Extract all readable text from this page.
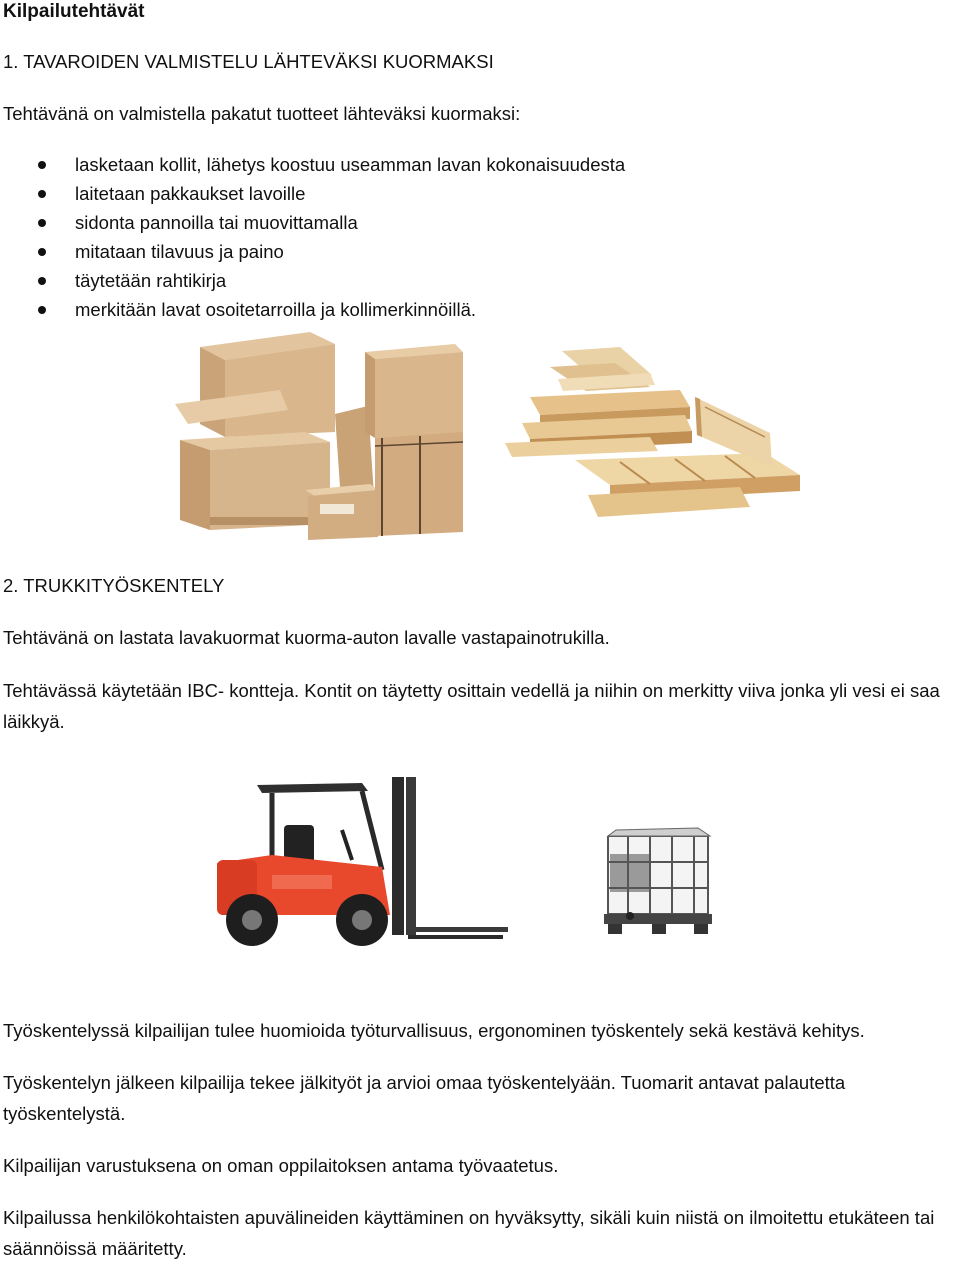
Kilpailutehtävät
1. TAVAROIDEN VALMISTELU LÄHTEVÄKSI KUORMAKSI
Tehtävänä on valmistella pakatut tuotteet lähteväksi kuormaksi:
lasketaan kollit, lähetys koostuu useamman lavan kokonaisuudesta
laitetaan pakkaukset lavoille
sidonta pannoilla tai muovittamalla
mitataan tilavuus ja paino
täytetään rahtikirja
merkitään lavat osoitetarroilla ja kollimerkinnöillä.
2. TRUKKITYÖSKENTELY
Tehtävänä on lastata lavakuormat kuorma-auton lavalle vastapainotrukilla.
Tehtävässä käytetään IBC- kontteja. Kontit on täytetty osittain vedellä ja niihin on merkitty viiva jonka yli vesi ei saa läikkyä.
Työskentelyssä kilpailijan tulee huomioida työturvallisuus, ergonominen työskentely sekä kestävä kehitys.
Työskentelyn jälkeen kilpailija tekee jälkityöt ja arvioi omaa työskentelyään. Tuomarit antavat palautetta työskentelystä.
Kilpailijan varustuksena on oman oppilaitoksen antama työvaatetus.
Kilpailussa henkilökohtaisten apuvälineiden käyttäminen on hyväksytty, sikäli kuin niistä on ilmoitettu etukäteen tai säännöissä määritetty.
